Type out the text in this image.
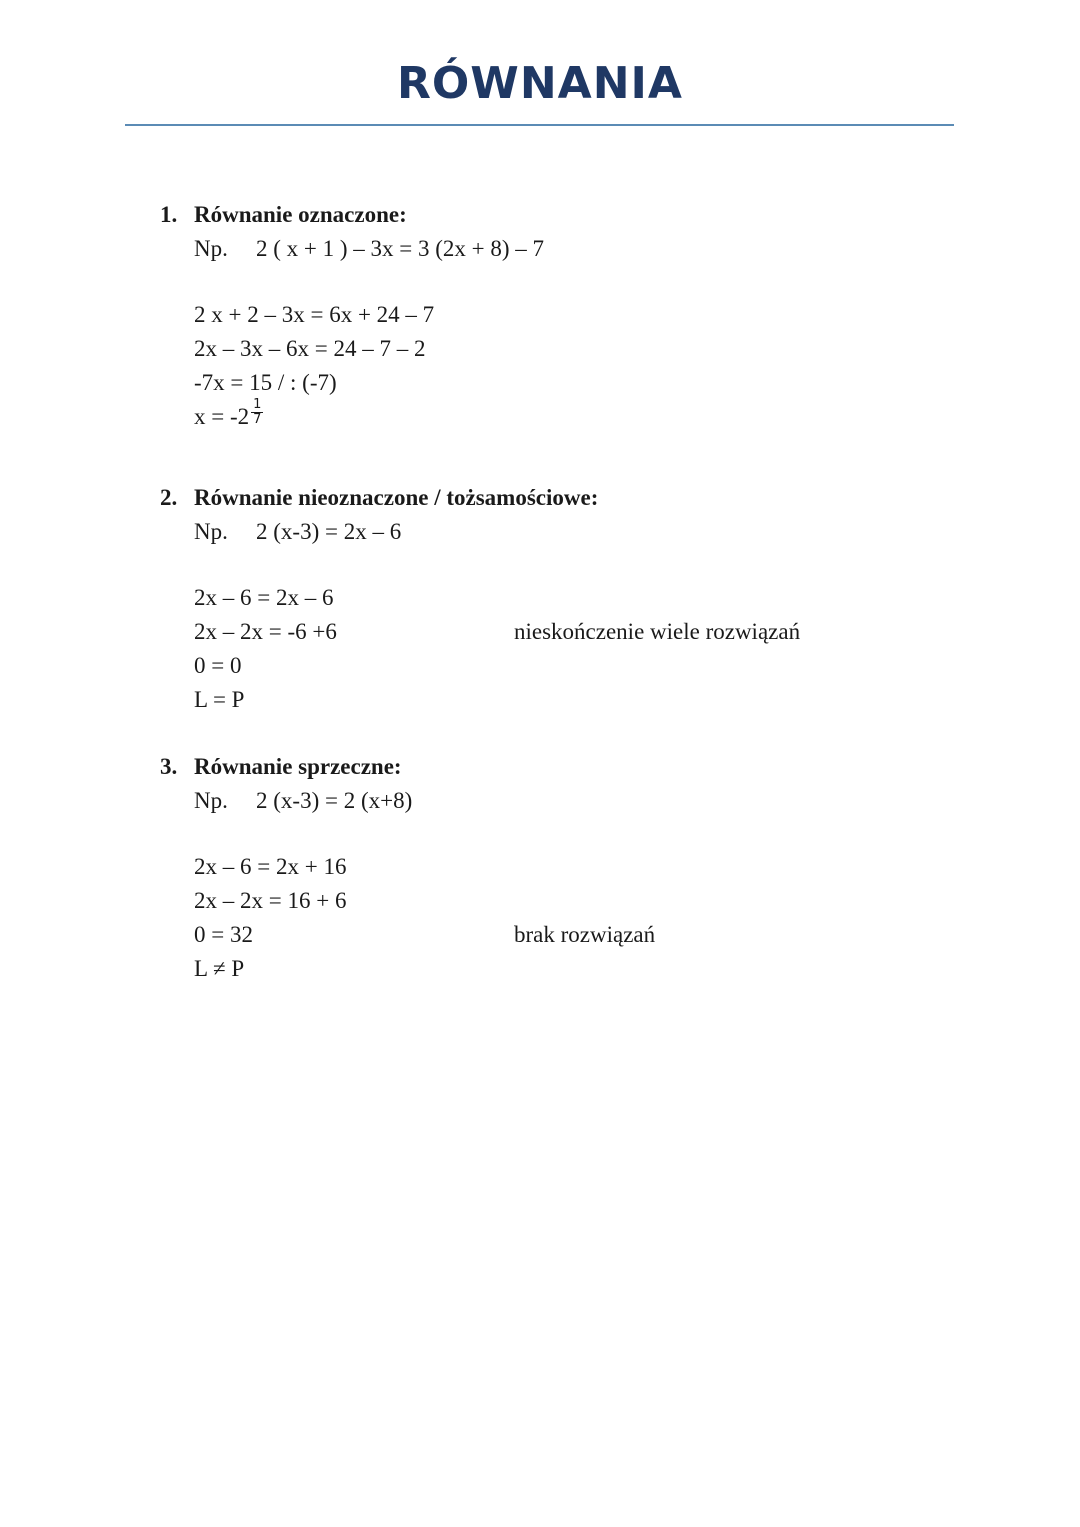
RÓWNANIA
1. Równanie oznaczone:
Np. 2 ( x + 1 ) – 3x = 3 (2x + 8) – 7
2 x + 2 – 3x = 6x + 24 – 7
2x – 3x – 6x = 24 – 7 – 2
-7x = 15 / : (-7)
$x = -2 \frac{1}{7}$
2. Równanie nieoznaczone / tożsamościowe:
Np. 2 (x-3) = 2x – 6
2x – 6 = 2x – 6
2x – 2x = -6 +6	nieskończenie wiele rozwiązań
0 = 0
L = P
3. Równanie sprzeczne:
Np. 2 (x-3) = 2 (x+8)
2x – 6 = 2x + 16
2x – 2x = 16 + 6
0 = 32	brak rozwiązań
L ≠ P
